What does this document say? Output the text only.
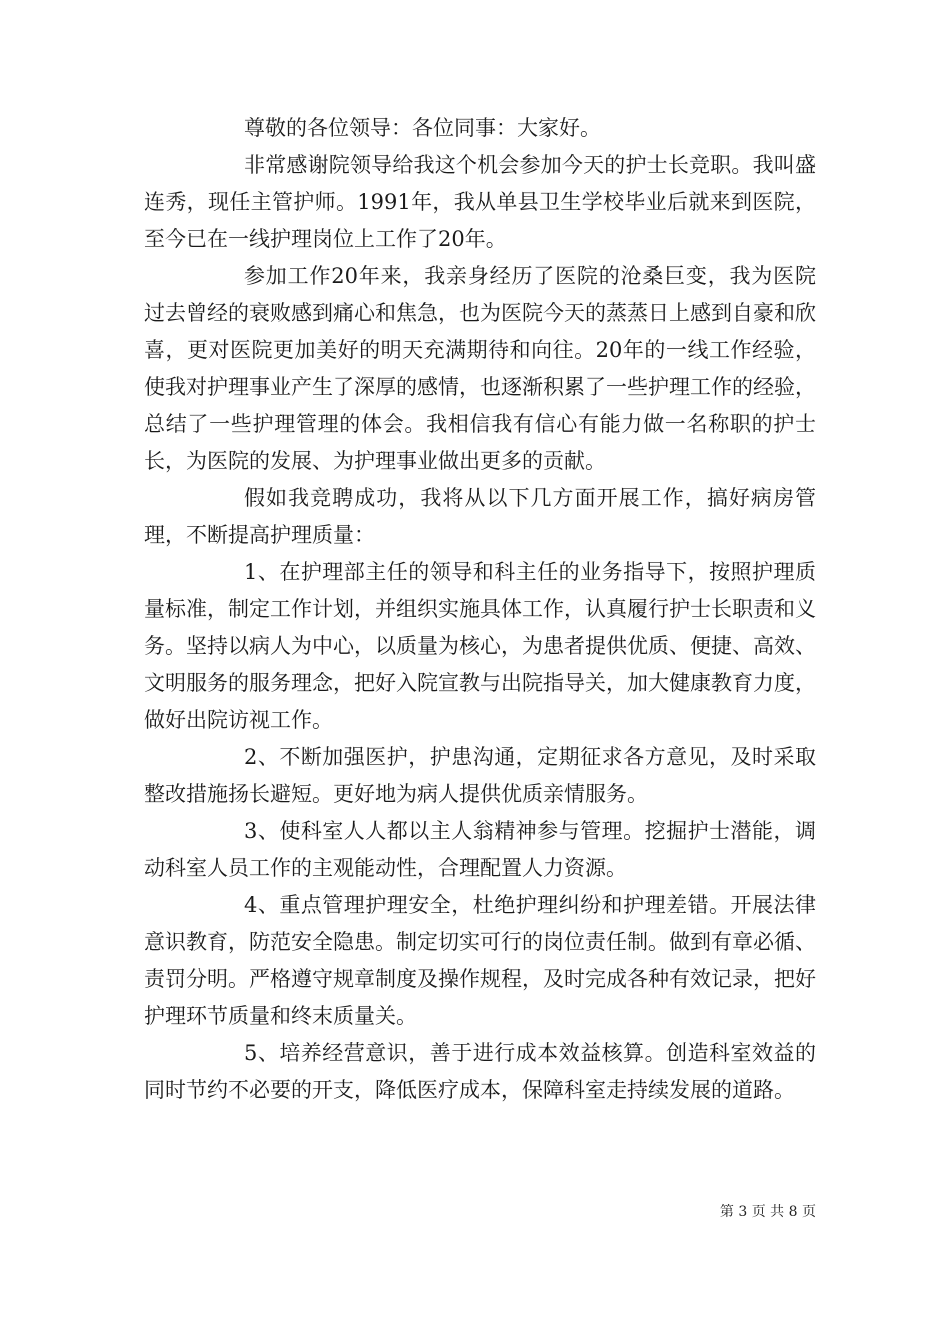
尊敬的各位领导：各位同事：大家好。

非常感谢院领导给我这个机会参加今天的护士长竞职。我叫盛连秀，现任主管护师。1991年，我从单县卫生学校毕业后就来到医院，至今已在一线护理岗位上工作了20年。

参加工作20年来，我亲身经历了医院的沧桑巨变，我为医院过去曾经的衰败感到痛心和焦急，也为医院今天的蒸蒸日上感到自豪和欣喜，更对医院更加美好的明天充满期待和向往。20年的一线工作经验，使我对护理事业产生了深厚的感情，也逐渐积累了一些护理工作的经验，总结了一些护理管理的体会。我相信我有信心有能力做一名称职的护士长，为医院的发展、为护理事业做出更多的贡献。

假如我竞聘成功，我将从以下几方面开展工作，搞好病房管理，不断提高护理质量：

1、在护理部主任的领导和科主任的业务指导下，按照护理质量标准，制定工作计划，并组织实施具体工作，认真履行护士长职责和义务。坚持以病人为中心，以质量为核心，为患者提供优质、便捷、高效、文明服务的服务理念，把好入院宣教与出院指导关，加大健康教育力度，做好出院访视工作。

2、不断加强医护，护患沟通，定期征求各方意见，及时采取整改措施扬长避短。更好地为病人提供优质亲情服务。

3、使科室人人都以主人翁精神参与管理。挖掘护士潜能，调动科室人员工作的主观能动性，合理配置人力资源。

4、重点管理护理安全，杜绝护理纠纷和护理差错。开展法律意识教育，防范安全隐患。制定切实可行的岗位责任制。做到有章必循、责罚分明。严格遵守规章制度及操作规程，及时完成各种有效记录，把好护理环节质量和终末质量关。

5、培养经营意识，善于进行成本效益核算。创造科室效益的同时节约不必要的开支，降低医疗成本，保障科室走持续发展的道路。

第 3 页 共 8 页
